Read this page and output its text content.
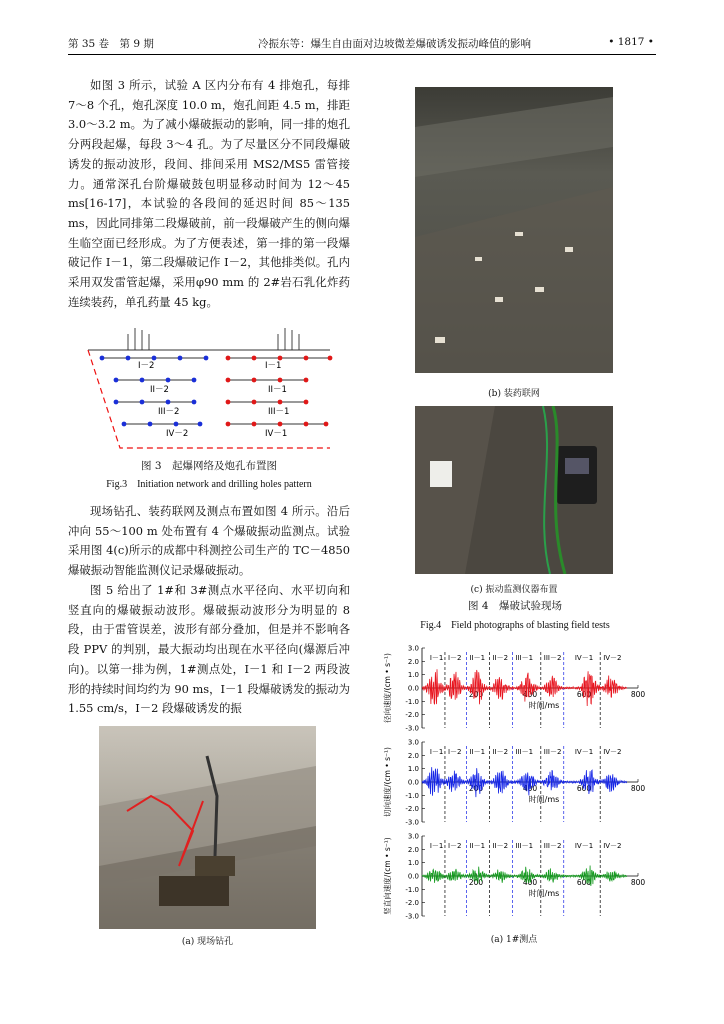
第 35 卷　第 9 期	冷振东等：爆生自由面对边坡微差爆破诱发振动峰值的影响	• 1817 •

如图 3 所示，试验 A 区内分布有 4 排炮孔，每排 7～8 个孔，炮孔深度 10.0 m，炮孔间距 4.5 m，排距 3.0～3.2 m。为了减小爆破振动的影响，同一排的炮孔分两段起爆，每段 3～4 孔。为了尽量区分不同段爆破诱发的振动波形，段间、排间采用 MS2/MS5 雷管接力。通常深孔台阶爆破鼓包明显移动时间为 12～45 ms[16-17]，本试验的各段间的延迟时间 85～135 ms，因此同排第二段爆破前，前一段爆破产生的侧向爆生临空面已经形成。为了方便表述，第一排的第一段爆破记作 I－1，第二段爆破记作 I－2，其他排类似。孔内采用双发雷管起爆，采用φ90 mm 的 2#岩石乳化炸药连续装药，单孔药量 45 kg。

I－2	I－1
II－2	II－1
III－2	III－1
IV－2	IV－1
图 3　起爆网络及炮孔布置图
Fig.3　Initiation network and drilling holes pattern

现场钻孔、装药联网及测点布置如图 4 所示。沿后冲向 55～100 m 处布置有 4 个爆破振动监测点。试验采用图 4(c)所示的成都中科测控公司生产的 TC－4850 爆破振动智能监测仪记录爆破振动。

图 5 给出了 1#和 3#测点水平径向、水平切向和竖直向的爆破振动波形。爆破振动波形分为明显的 8 段，由于雷管误差，波形有部分叠加，但是并不影响各段 PPV 的判别，最大振动均出现在水平径向(爆源后冲向)。以第一排为例，1#测点处，I－1 和 I－2 两段波形的持续时间均约为 90 ms，I－1 段爆破诱发的振动为 1.55 cm/s，I－2 段爆破诱发的振

(a) 现场钻孔
(b) 装药联网
(c) 振动监测仪器布置
图 4　爆破试验现场
Fig.4　Field photographs of blasting field tests
-3.0
-2.0
-1.0
0.0
1.0
2.0
3.0
200	400	600	800
I－1 I－2 II－1 II－2 III－1 III－2 IV－1 IV－2
时间/ms
径向速度/(cm • s⁻¹)
-3.0
-2.0
-1.0
0.0
1.0
2.0
3.0
200	400	600	800
I－1 I－2 II－1 II－2 III－1 III－2 IV－1 IV－2
时间/ms
切向速度/(cm • s⁻¹)
-3.0
-2.0
-1.0
0.0
1.0
2.0
3.0
200	400	600	800
I－1 I－2 II－1 II－2 III－1 III－2 IV－1 IV－2
时间/ms
竖直向速度/(cm • s⁻¹)
(a) 1#测点
